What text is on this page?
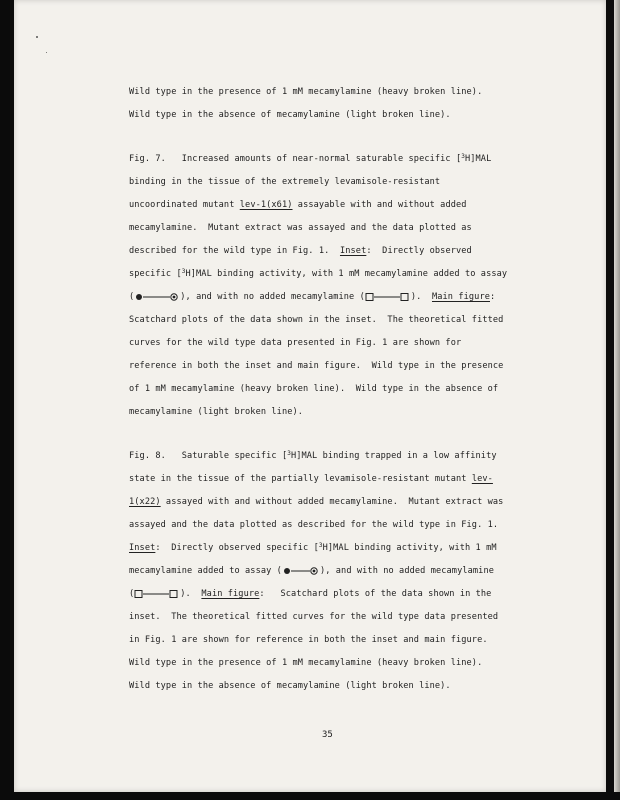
Wild type in the presence of 1 mM mecamylamine (heavy broken line).
Wild type in the absence of mecamylamine (light broken line).
Fig. 7.   Increased amounts of near-normal saturable specific [$^3$H]MAL
binding in the tissue of the extremely levamisole-resistant
uncoordinated mutant lev-1(x61) assayable with and without added
mecamylamine.  Mutant extract was assayed and the data plotted as
described for the wild type in Fig. 1.  Inset:  Directly observed
specific [$^3$H]MAL binding activity, with 1 mM mecamylamine added to assay
(	), and with no added mecamylamine (	).  Main figure:
Scatchard plots of the data shown in the inset.  The theoretical fitted
curves for the wild type data presented in Fig. 1 are shown for
reference in both the inset and main figure.  Wild type in the presence
of 1 mM mecamylamine (heavy broken line).  Wild type in the absence of
mecamylamine (light broken line).
Fig. 8.   Saturable specific [$^3$H]MAL binding trapped in a low affinity
state in the tissue of the partially levamisole-resistant mutant lev-
1(x22) assayed with and without added mecamylamine.  Mutant extract was
assayed and the data plotted as described for the wild type in Fig. 1.
Inset:  Directly observed specific [$^3$H]MAL binding activity, with 1 mM
mecamylamine added to assay (	), and with no added mecamylamine
(	).  Main figure:   Scatchard plots of the data shown in the
inset.  The theoretical fitted curves for the wild type data presented
in Fig. 1 are shown for reference in both the inset and main figure.
Wild type in the presence of 1 mM mecamylamine (heavy broken line).
Wild type in the absence of mecamylamine (light broken line).
35
